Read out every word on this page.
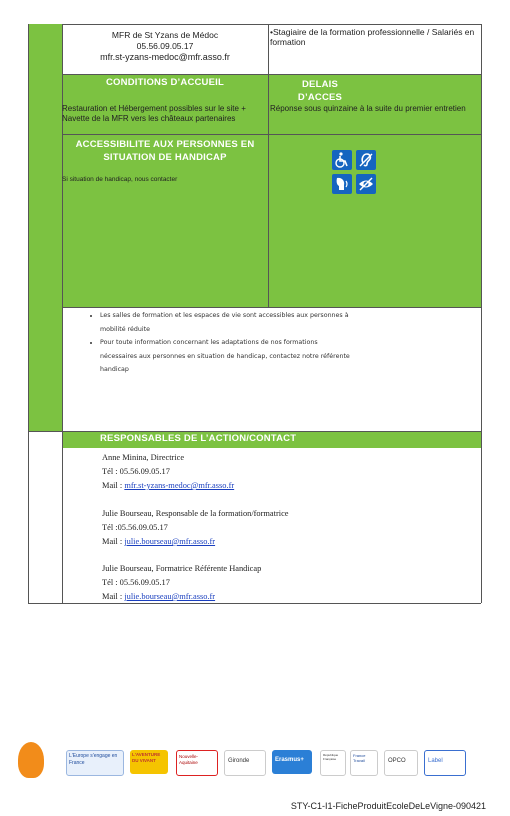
MFR de St Yzans de Médoc
05.56.09.05.17
mfr.st-yzans-medoc@mfr.asso.fr
•Stagiaire de la formation professionnelle / Salariés en formation
CONDITIONS D’ACCUEIL
Restauration et Hébergement possibles sur le site + Navette de la MFR vers les châteaux partenaires
DELAIS
D’ACCES
Réponse sous quinzaine à la suite du premier entretien
ACCESSIBILITE AUX PERSONNES EN SITUATION DE HANDICAP
Si situation de handicap, nous contacter
• Les salles de formation et les espaces de vie sont accessibles aux personnes à mobilité réduite
• Pour toute information concernant les adaptations de nos formations nécessaires aux personnes en situation de handicap, contactez notre référente handicap
RESPONSABLES DE L’ACTION/CONTACT
Anne Minina, Directrice
Tél : 05.56.09.05.17
Mail : mfr.st-yzans-medoc@mfr.asso.fr
Julie Bourseau, Responsable de la formation/formatrice
Tél :05.56.09.05.17
Mail : julie.bourseau@mfr.asso.fr
Julie Bourseau, Formatrice Référente Handicap
Tél : 05.56.09.05.17
Mail : julie.bourseau@mfr.asso.fr
L'Europe s'engage en France
L'AVENTURE DU VIVANT
Nouvelle-Aquitaine	Gironde	Erasmus+
République Française
France Travail	OPCO	Label
STY-C1-I1-FicheProduitEcoleDeLeVigne-090421
